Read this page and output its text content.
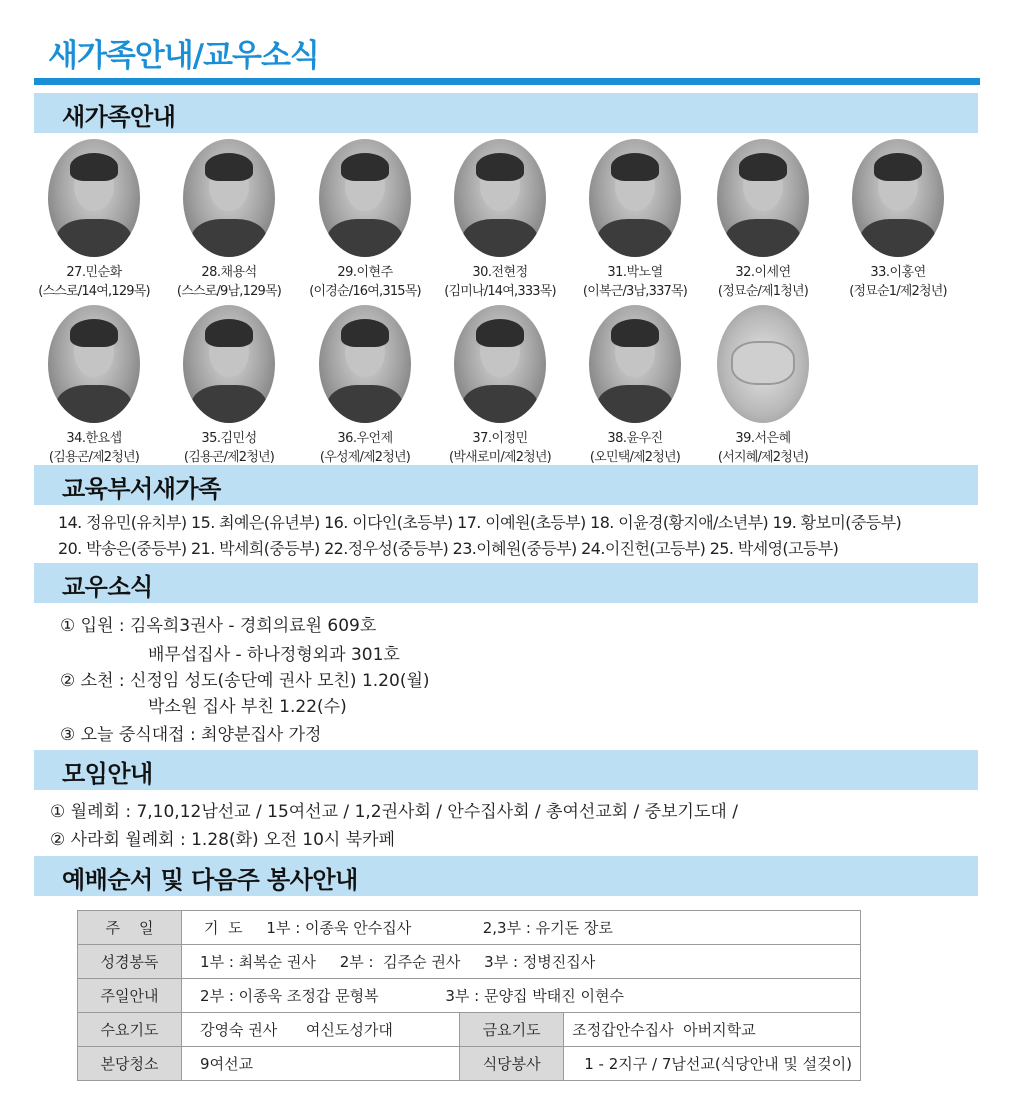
새가족안내/교우소식
새가족안내
27.민순화
(스스로/14여,129목)
28.채용석
(스스로/9남,129목)
29.이현주
(이경순/16여,315목)
30.전현정
(김미나/14여,333목)
31.박노열
(이복근/3남,337목)
32.이세연
(정묘순/제1청년)
33.이홍연
(정묘순1/제2청년)
34.한요셉
(김용곤/제2청년)
35.김민성
(김용곤/제2청년)
36.우언제
(우성제/제2청년)
37.이정민
(박새로미/제2청년)
38.윤우진
(오민택/제2청년)
39.서은혜
(서지혜/제2청년)
교육부서새가족
14. 정유민(유치부) 15. 최예은(유년부) 16. 이다인(초등부) 17. 이예원(초등부) 18. 이윤경(황지애/소년부) 19. 황보미(중등부)
20. 박송은(중등부) 21. 박세희(중등부) 22.정우성(중등부) 23.이혜원(중등부) 24.이진헌(고등부) 25. 박세영(고등부)
교우소식
① 입원 : 김옥희3권사 - 경희의료원 609호
배무섭집사 - 하나정형외과 301호
② 소천 : 신정임 성도(송단예 권사 모친) 1.20(월)
박소원 집사 부친 1.22(수)
③ 오늘 중식대접 : 최양분집사 가정
모임안내
① 월례회 : 7,10,12남선교 / 15여선교 / 1,2권사회 / 안수집사회 / 총여선교회 / 중보기도대 /
② 사라회 월례회 : 1.28(화) 오전 10시 북카페
예배순서 및 다음주 봉사안내
주    일	기  도     1부 : 이종욱 안수집사               2,3부 : 유기돈 장로		
성경봉독	1부 : 최복순 권사     2부 :  김주순 권사     3부 : 정병진집사		
주일안내	2부 : 이종욱 조정갑 문형복              3부 : 문양집 박태진 이현수		
수요기도	강영숙 권사      여신도성가대	금요기도	조정갑안수집사  아버지학교
본당청소	9여선교	식당봉사	1 - 2지구 / 7남선교(식당안내 및 설겆이)
